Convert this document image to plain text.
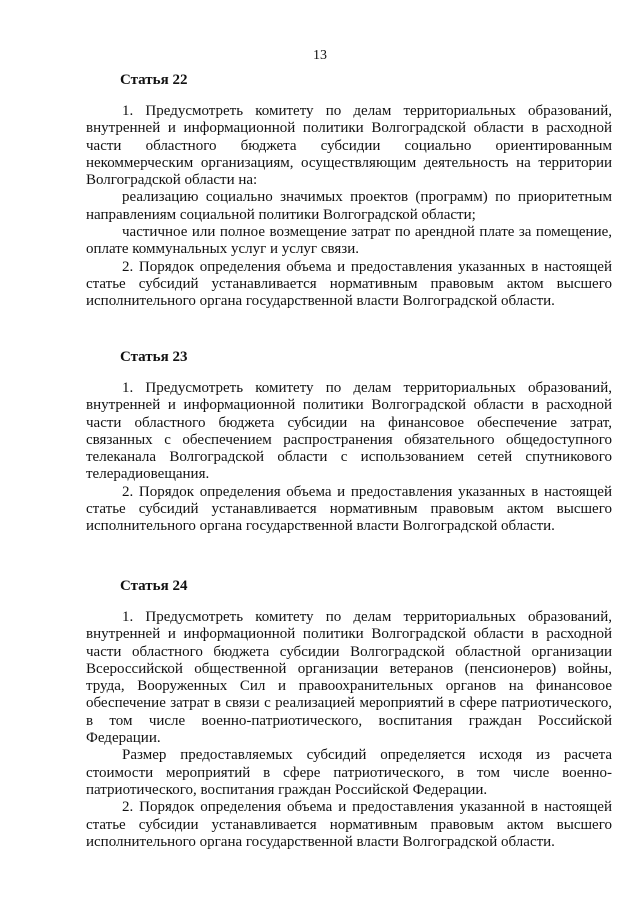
13
Статья 22

1. Предусмотреть комитету по делам территориальных образований, внутренней и информационной политики Волгоградской области в расходной части областного бюджета субсидии социально ориентированным некоммерческим организациям, осуществляющим деятельность на территории Волгоградской области на:

реализацию социально значимых проектов (программ) по приоритетным направлениям социальной политики Волгоградской области;

частичное или полное возмещение затрат по арендной плате за помещение, оплате коммунальных услуг и услуг связи.

2. Порядок определения объема и предоставления указанных в настоящей статье субсидий устанавливается нормативным правовым актом высшего исполнительного органа государственной власти Волгоградской области.

Статья 23

1. Предусмотреть комитету по делам территориальных образований, внутренней и информационной политики Волгоградской области в расходной части областного бюджета субсидии на финансовое обеспечение затрат, связанных с обеспечением распространения обязательного общедоступного телеканала Волгоградской области с использованием сетей спутникового телерадиовещания.

2. Порядок определения объема и предоставления указанных в настоящей статье субсидий устанавливается нормативным правовым актом высшего исполнительного органа государственной власти Волгоградской области.

Статья 24

1. Предусмотреть комитету по делам территориальных образований, внутренней и информационной политики Волгоградской области в расходной части областного бюджета субсидии Волгоградской областной организации Всероссийской общественной организации ветеранов (пенсионеров) войны, труда, Вооруженных Сил и правоохранительных органов на финансовое обеспечение затрат в связи с реализацией мероприятий в сфере патриотического, в том числе военно-патриотического, воспитания граждан Российской Федерации.

Размер предоставляемых субсидий определяется исходя из расчета стоимости мероприятий в сфере патриотического, в том числе военно-патриотического, воспитания граждан Российской Федерации.

2. Порядок определения объема и предоставления указанной в настоящей статье субсидии устанавливается нормативным правовым актом высшего исполнительного органа государственной власти Волгоградской области.
